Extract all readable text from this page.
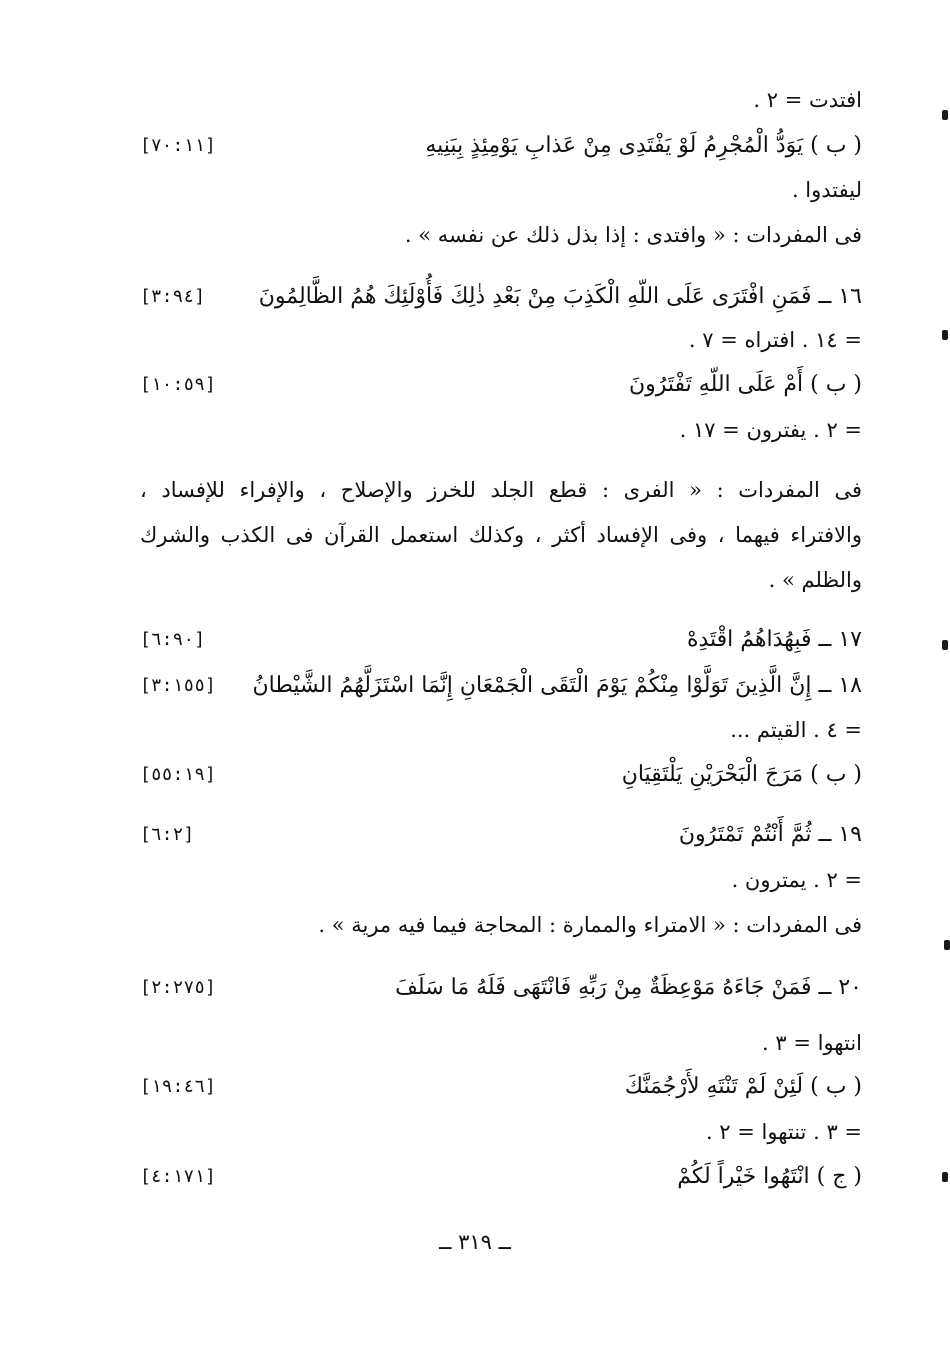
افتدت = ٢ .
( ب ) يَوَدُّ الْمُجْرِمُ لَوْ يَفْتَدِى مِنْ عَذابِ يَوْمِئِذٍ بِبَنِيهِ
[٧٠:١١]
ليفتدوا .
فى المفردات : « وافتدى : إذا بذل ذلك عن نفسه » .
١٦ ــ فَمَنِ افْتَرَى عَلَى اللّهِ الْكَذِبَ مِنْ بَعْدِ ذٰلِكَ فَأُوْلَئِكَ هُمُ الظَّالِمُونَ
[٣:٩٤]
= ١٤ . افتراه = ٧ .
( ب ) أَمْ عَلَى اللّهِ تَفْتَرُونَ
[١٠:٥٩]
= ٢ . يفترون = ١٧ .
فى المفردات : « الفرى : قطع الجلد للخرز والإصلاح ، والإفراء للإفساد ،
والافتراء فيهما ، وفى الإفساد أكثر ، وكذلك استعمل القرآن فى الكذب والشرك
والظلم » .
١٧ ــ فَبِهُدَاهُمُ اقْتَدِهْ
[٦:٩٠]
١٨ ــ إِنَّ الَّذِينَ تَوَلَّوْا مِنْكُمْ يَوْمَ الْتَقَى الْجَمْعَانِ إِنَّمَا اسْتَزَلَّهُمُ الشَّيْطانُ
[٣:١٥٥]
= ٤ . القيتم ...
( ب ) مَرَجَ الْبَحْرَيْنِ يَلْتَقِيَانِ
[٥٥:١٩]
١٩ ــ ثُمَّ أَنْتُمْ تَمْتَرُونَ
[٦:٢]
= ٢ . يمترون .
فى المفردات : « الامتراء والممارة : المحاجة فيما فيه مرية » .
٢٠ ــ فَمَنْ جَاءَهُ مَوْعِظَةٌ مِنْ رَبِّهِ فَانْتَهَى فَلَهُ مَا سَلَفَ
[٢:٢٧٥]
انتهوا = ٣ .
( ب ) لَئِنْ لَمْ تَنْتَهِ لأَرْجُمَنَّكَ
[١٩:٤٦]
= ٣ . تنتهوا = ٢ .
( ج ) انْتَهُوا خَيْراً لَكُمْ
[٤:١٧١]
ــ ٣١٩ ــ
